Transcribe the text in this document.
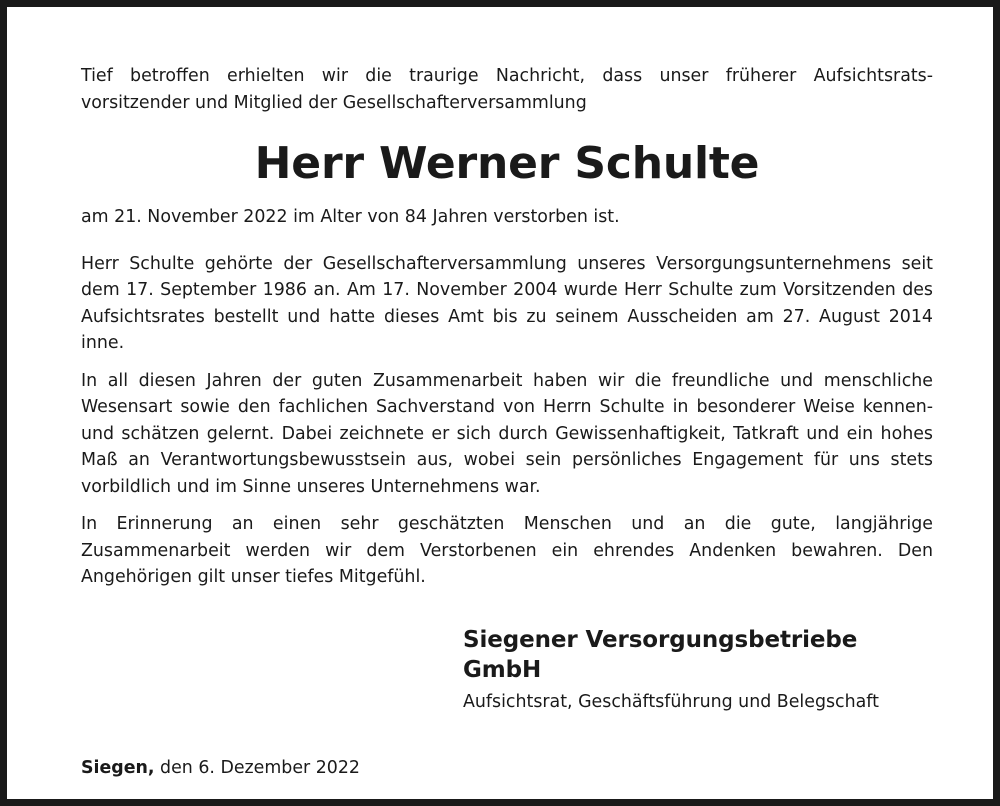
Tief betroffen erhielten wir die traurige Nachricht, dass unser früherer Aufsichtsrats-
vorsitzender und Mitglied der Gesellschafterversammlung

Herr Werner Schulte

am 21. November 2022 im Alter von 84 Jahren verstorben ist.

Herr Schulte gehörte der Gesellschafterversammlung unseres Versorgungsunternehmens seit dem 17. September 1986 an. Am 17. November 2004 wurde Herr Schulte zum Vorsitzenden des Aufsichtsrates bestellt und hatte dieses Amt bis zu seinem Ausscheiden am 27. August 2014 inne.

In all diesen Jahren der guten Zusammenarbeit haben wir die freundliche und menschliche Wesensart sowie den fachlichen Sachverstand von Herrn Schulte in besonderer Weise kennen- und schätzen gelernt. Dabei zeichnete er sich durch Gewissenhaftigkeit, Tatkraft und ein hohes Maß an Verantwortungsbewusstsein aus, wobei sein persönliches Engagement für uns stets vorbildlich und im Sinne unseres Unternehmens war.

In Erinnerung an einen sehr geschätzten Menschen und an die gute, langjährige Zusammenarbeit werden wir dem Verstorbenen ein ehrendes Andenken bewahren. Den Angehörigen gilt unser tiefes Mitgefühl.

Siegener Versorgungsbetriebe GmbH
Aufsichtsrat, Geschäftsführung und Belegschaft
Siegen, den 6. Dezember 2022
